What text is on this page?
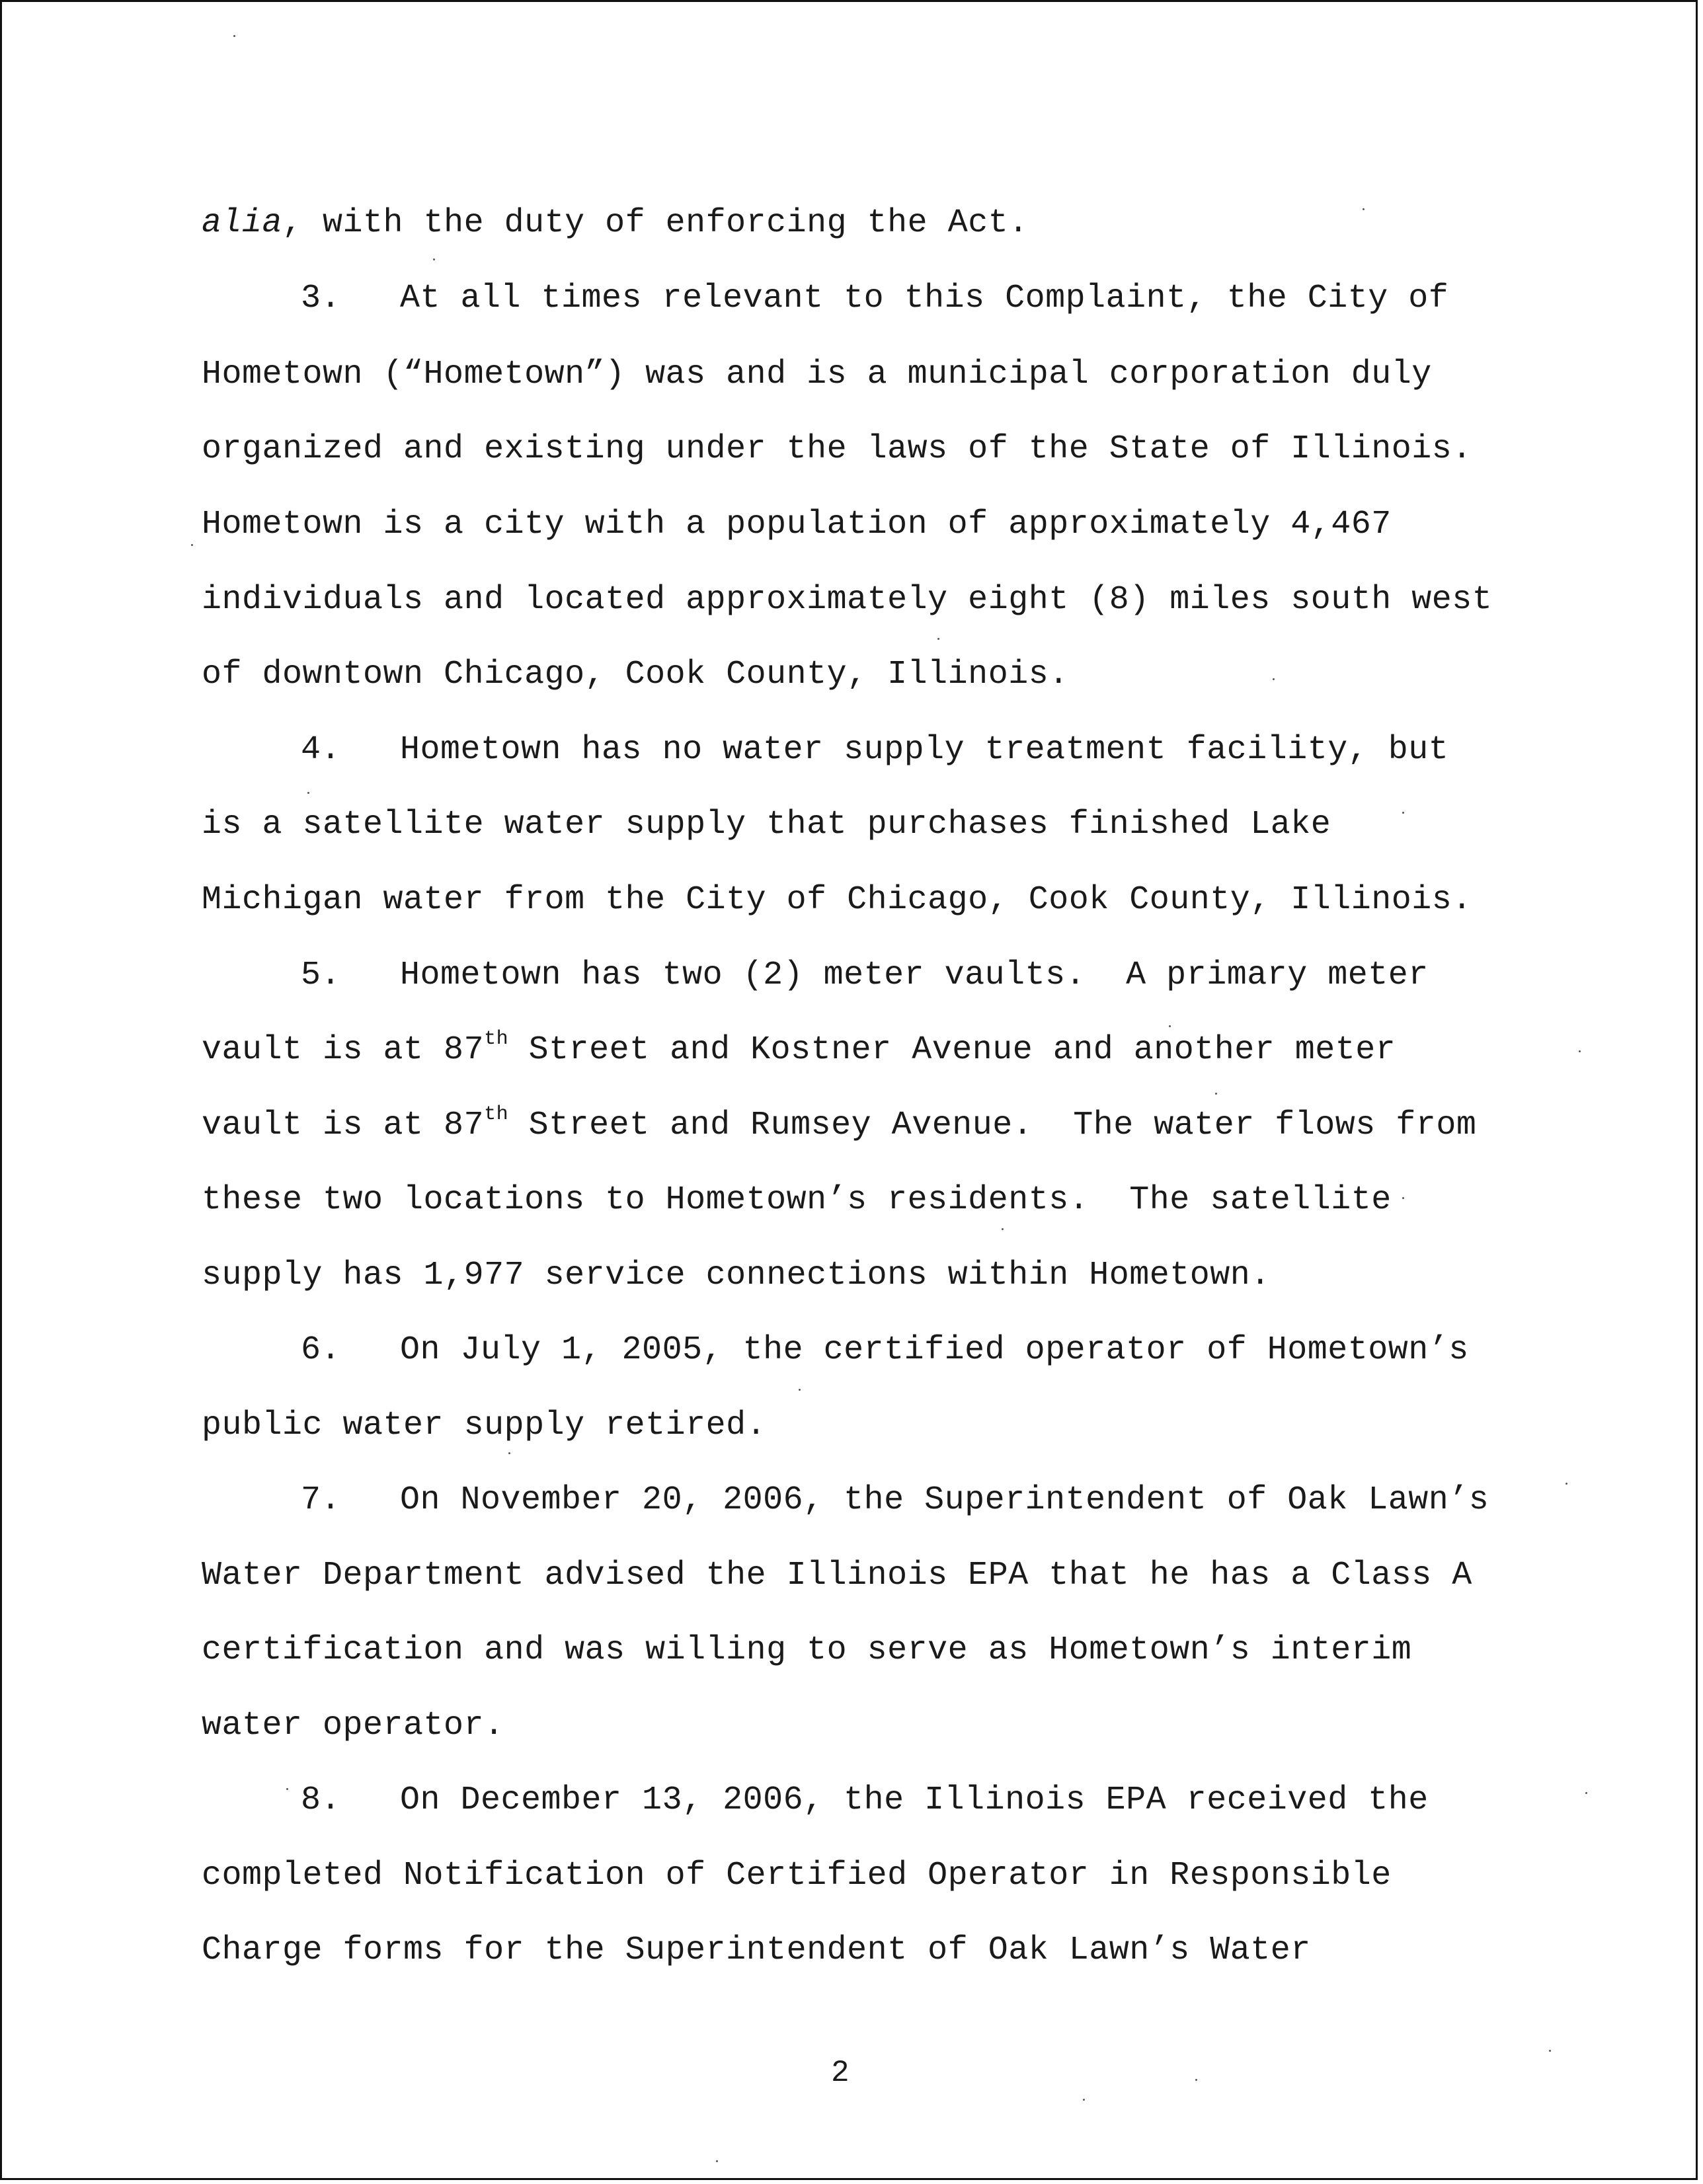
alia, with the duty of enforcing the Act.
3. At all times relevant to this Complaint, the City of
Hometown (“Hometown”) was and is a municipal corporation duly
organized and existing under the laws of the State of Illinois.
Hometown is a city with a population of approximately 4,467
individuals and located approximately eight (8) miles south west
of downtown Chicago, Cook County, Illinois.
4. Hometown has no water supply treatment facility, but
is a satellite water supply that purchases finished Lake
Michigan water from the City of Chicago, Cook County, Illinois.
5. Hometown has two (2) meter vaults.  A primary meter
vault is at 87th Street and Kostner Avenue and another meter
vault is at 87th Street and Rumsey Avenue.  The water flows from
these two locations to Hometown’s residents.  The satellite
supply has 1,977 service connections within Hometown.
6. On July 1, 2005, the certified operator of Hometown’s
public water supply retired.
7. On November 20, 2006, the Superintendent of Oak Lawn’s
Water Department advised the Illinois EPA that he has a Class A
certification and was willing to serve as Hometown’s interim
water operator.
8. On December 13, 2006, the Illinois EPA received the
completed Notification of Certified Operator in Responsible
Charge forms for the Superintendent of Oak Lawn’s Water
2
